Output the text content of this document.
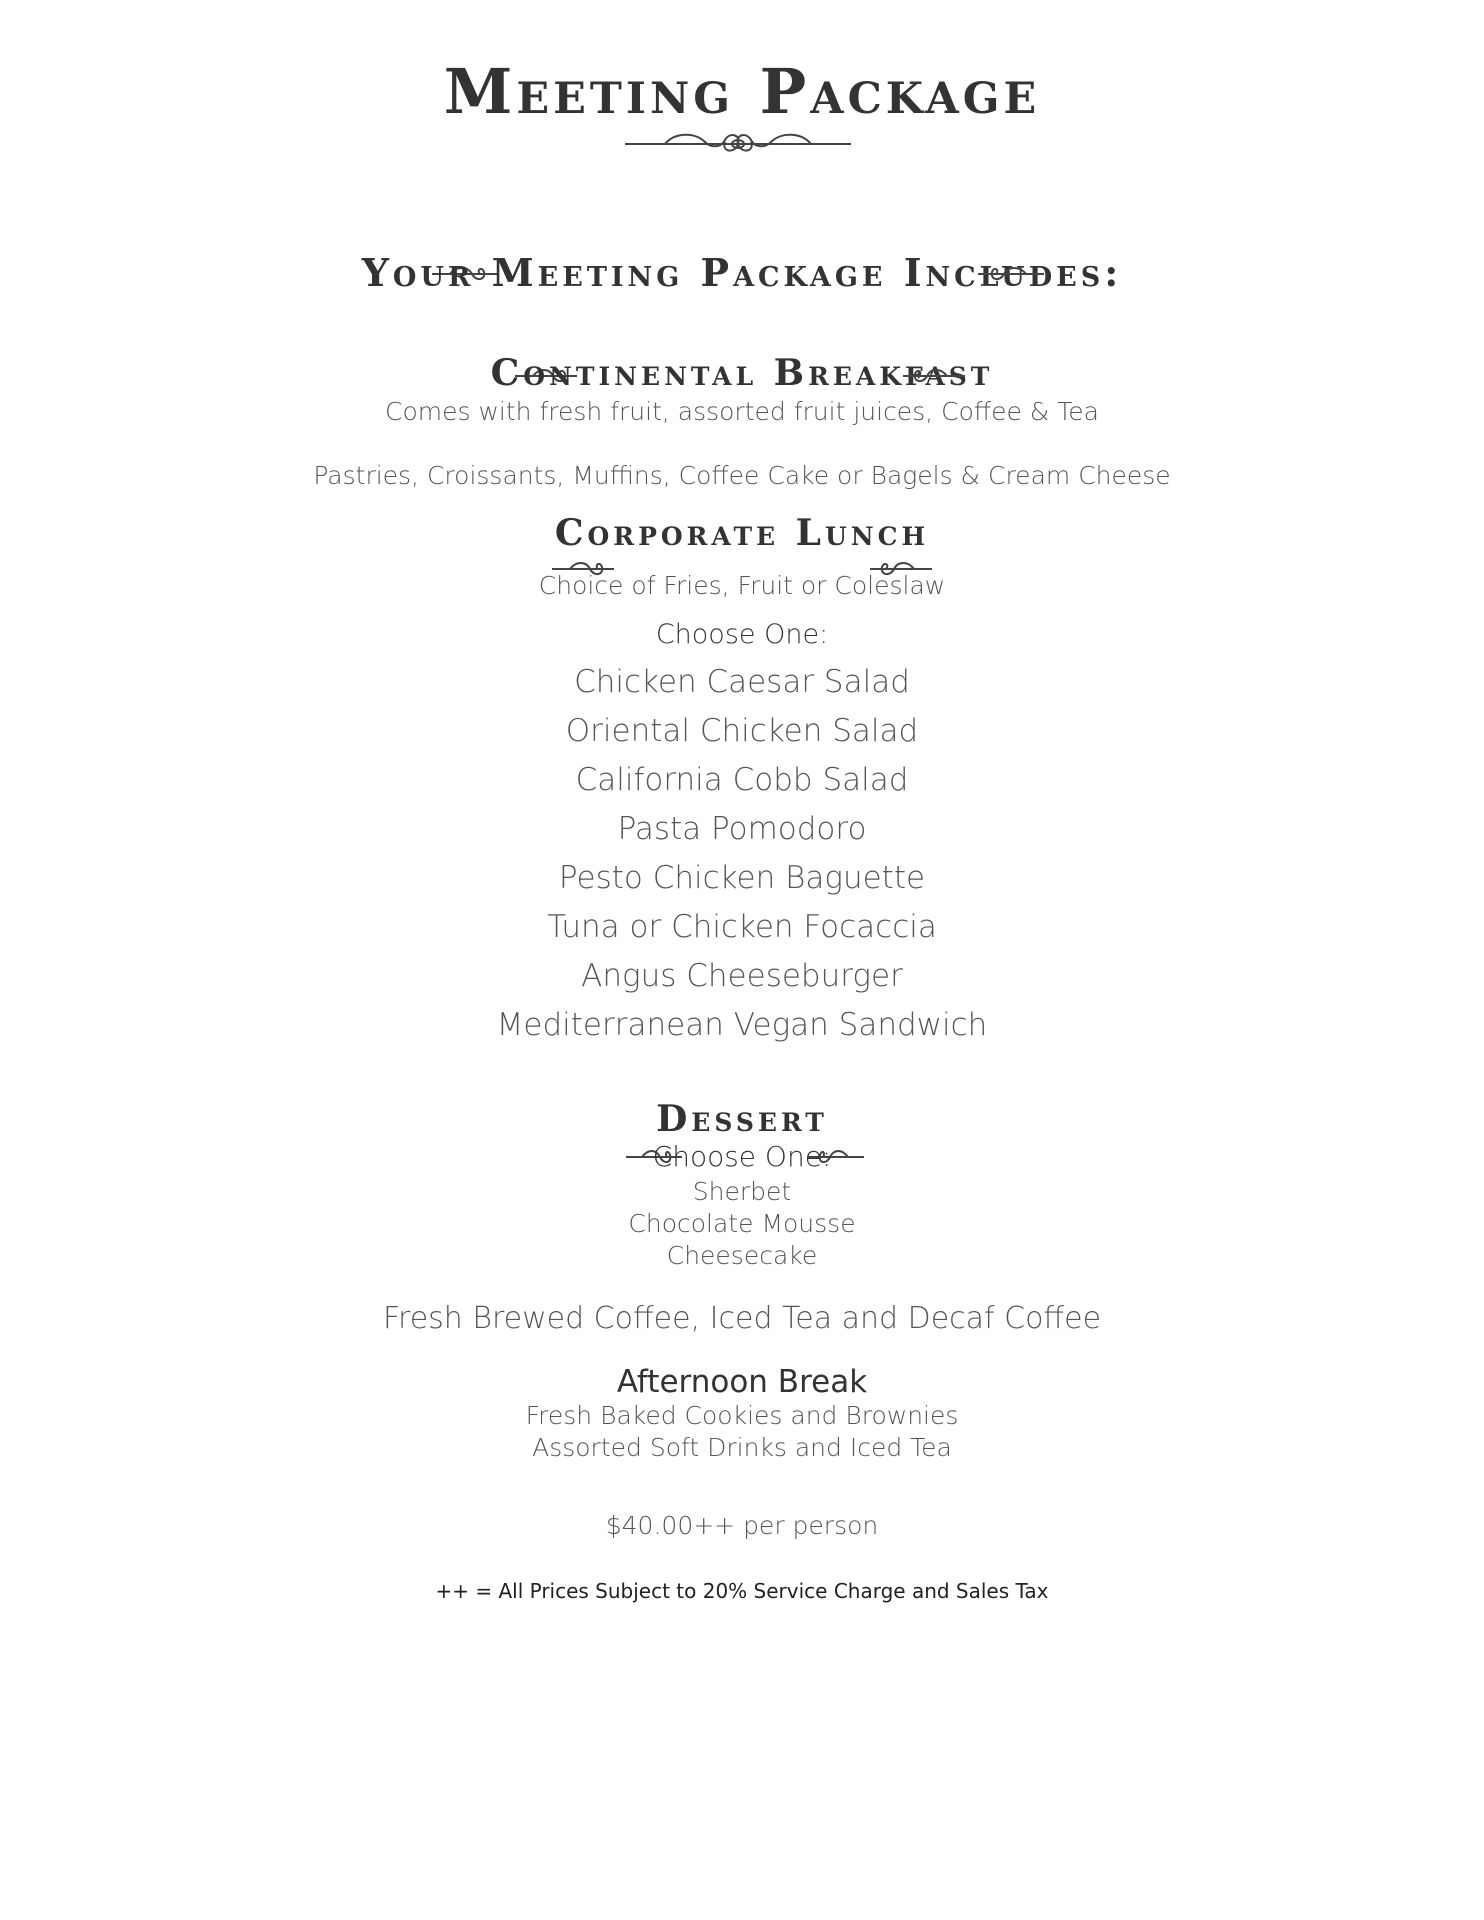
Meeting Package
Your Meeting Package Includes:
Continental Breakfast

Comes with fresh fruit, assorted fruit juices, Coffee & Tea

Pastries, Croissants, Muffins, Coffee Cake or Bagels & Cream Cheese

Corporate Lunch

Choice of Fries, Fruit or Coleslaw

Choose One:

Chicken Caesar Salad

Oriental Chicken Salad

California Cobb Salad

Pasta Pomodoro

Pesto Chicken Baguette

Tuna or Chicken Focaccia

Angus Cheeseburger

Mediterranean Vegan Sandwich

Dessert

Choose One:

Sherbet

Chocolate Mousse

Cheesecake

Fresh Brewed Coffee, Iced Tea and Decaf Coffee

Afternoon Break

Fresh Baked Cookies and Brownies

Assorted Soft Drinks and Iced Tea

$40.00++ per person

++ = All Prices Subject to 20% Service Charge and Sales Tax
